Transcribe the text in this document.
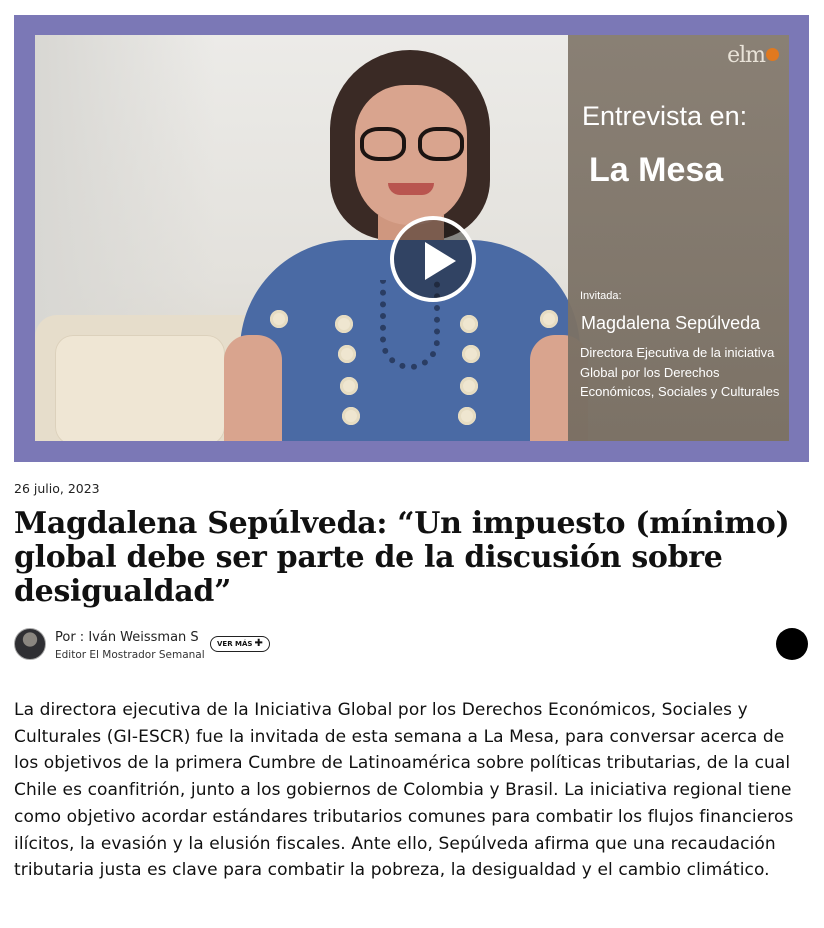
elm
Entrevista en:
La Mesa
Invitada:
Magdalena Sepúlveda
Directora Ejecutiva de la iniciativa Global por los Derechos Económicos, Sociales y Culturales
26 julio, 2023
Magdalena Sepúlveda: “Un impuesto (mínimo) global debe ser parte de la discusión sobre desigualdad”
Por : Iván Weissman S
Editor El Mostrador Semanal
VER MÁS ✚

La directora ejecutiva de la Iniciativa Global por los Derechos Económicos, Sociales y Culturales (GI-ESCR) fue la invitada de esta semana a La Mesa, para conversar acerca de los objetivos de la primera Cumbre de Latinoamérica sobre políticas tributarias, de la cual Chile es coanfitrión, junto a los gobiernos de Colombia y Brasil. La iniciativa regional tiene como objetivo acordar estándares tributarios comunes para combatir los flujos financieros ilícitos, la evasión y la elusión fiscales. Ante ello, Sepúlveda afirma que una recaudación tributaria justa es clave para combatir la pobreza, la desigualdad y el cambio climático.
